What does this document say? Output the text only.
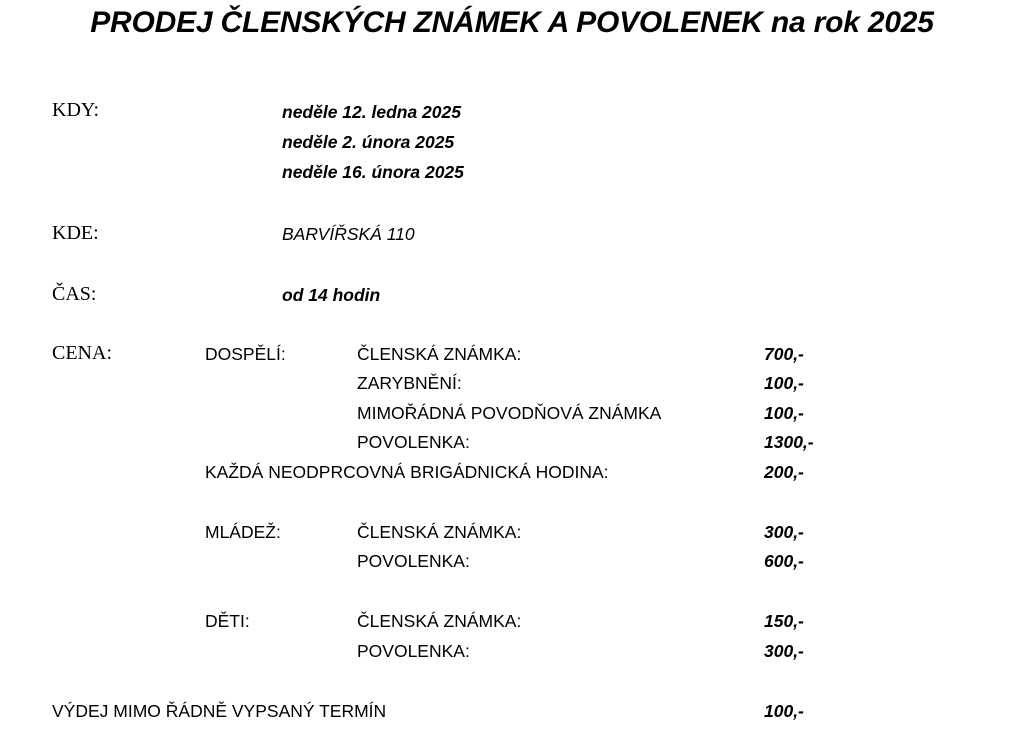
PRODEJ ČLENSKÝCH ZNÁMEK A POVOLENEK na rok 2025
KDY:	neděle 12. ledna 2025
neděle 2. února 2025
neděle 16. února 2025
KDE:	BARVÍŘSKÁ 110
ČAS:	od 14 hodin
CENA:	DOSPĚLÍ:	ČLENSKÁ ZNÁMKA:	700,-
ZARYBNĚNÍ:	100,-
MIMOŘÁDNÁ POVODŇOVÁ ZNÁMKA	100,-
POVOLENKA:	1300,-
KAŽDÁ NEODPRCOVNÁ BRIGÁDNICKÁ HODINA:	200,-
MLÁDEŽ:	ČLENSKÁ ZNÁMKA:	300,-
POVOLENKA:	600,-
DĚTI:	ČLENSKÁ ZNÁMKA:	150,-
POVOLENKA:	300,-
VÝDEJ MIMO ŘÁDNĚ VYPSANÝ TERMÍN	100,-
